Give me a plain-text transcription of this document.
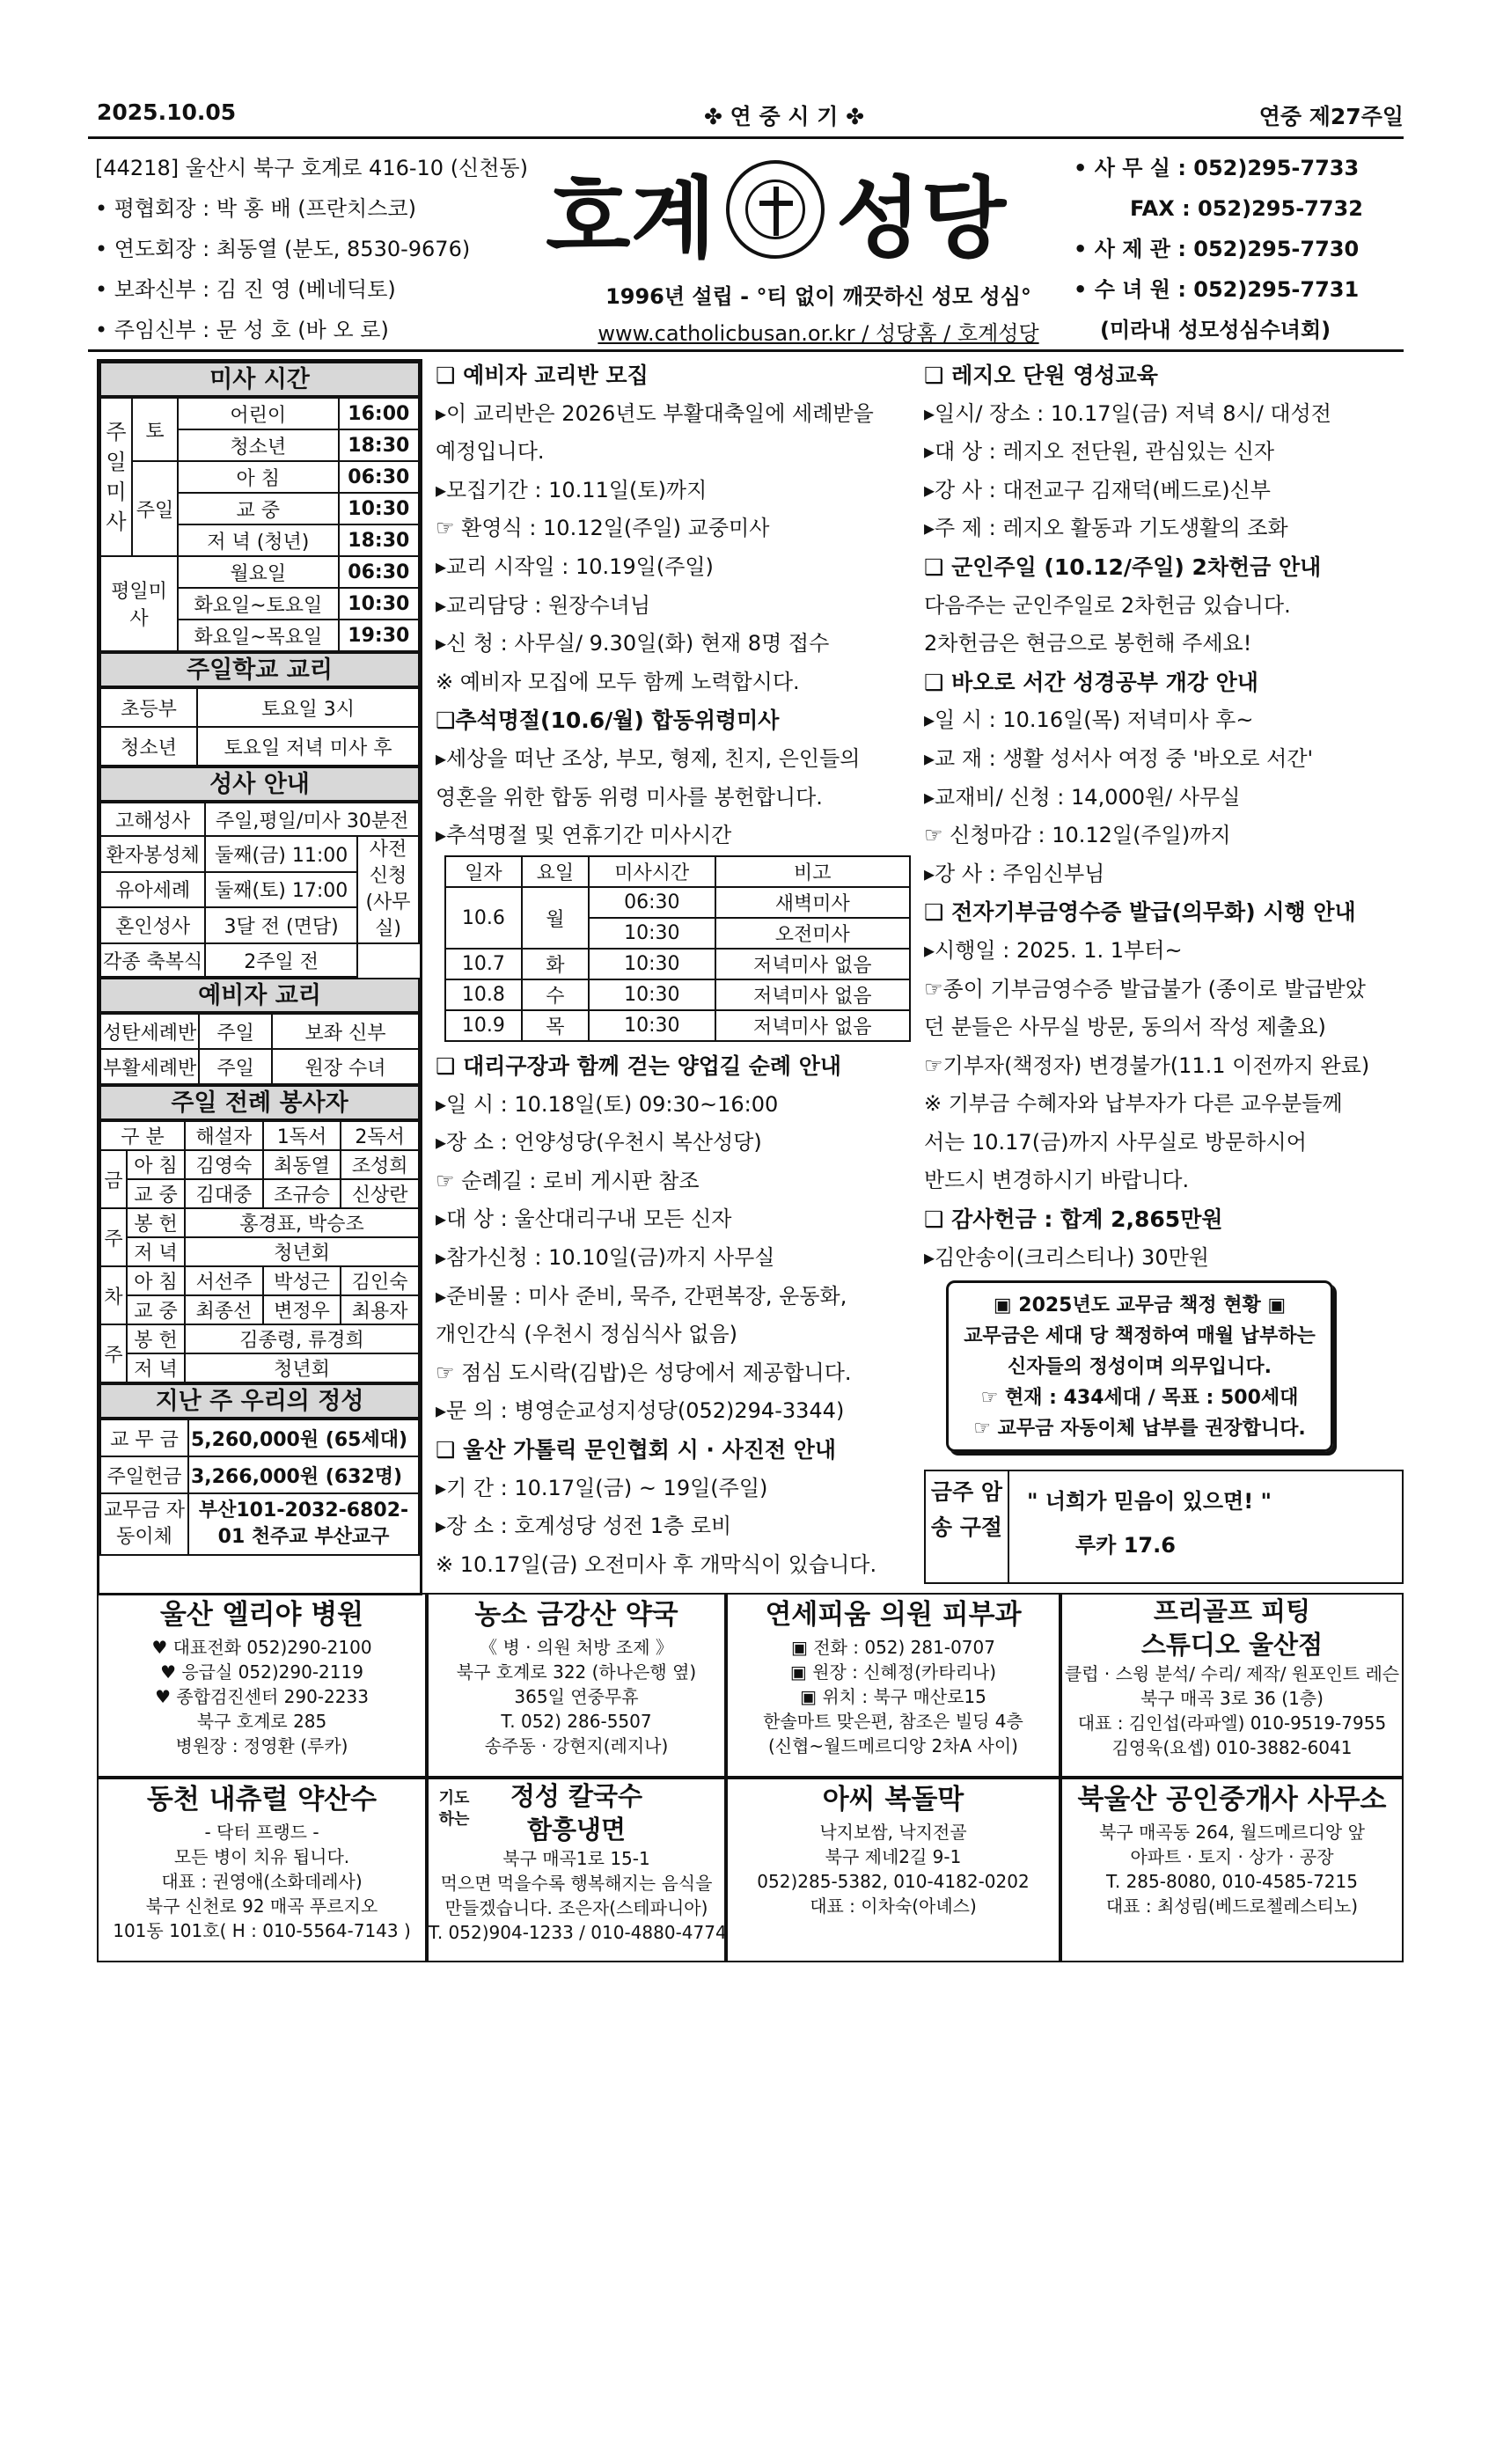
2025.10.05	✤ 연 중 시 기 ✤	연중 제27주일
[44218] 울산시 북구 호계로 416-10 (신천동)
• 평협회장 : 박 홍 배 (프란치스코)
• 연도회장 : 최동열 (분도, 8530-9676)
• 보좌신부 : 김 진 영 (베네딕토)
• 주임신부 : 문 성 호 (바 오 로)
호계 성당
1996년 설립 - °티 없이 깨끗하신 성모 성심°
www.catholicbusan.or.kr / 성당홈 / 호계성당
• 사 무 실 : 052)295-7733
FAX : 052)295-7732
• 사 제 관 : 052)295-7730
• 수 녀 원 : 052)295-7731
(미라내 성모성심수녀회)
미사 시간
주일미사	토	어린이	16:00
		청소년	18:30
	주일	아 침	06:30
		교 중	10:30
		저 녁 (청년)	18:30
평일미사		월요일	06:30
		화요일~토요일	10:30
		화요일~목요일	19:30
주일학교 교리
초등부	토요일 3시
청소년	토요일 저녁 미사 후
성사 안내
고해성사	주일,평일/미사 30분전	
환자봉성체	둘째(금) 11:00	사전 신청 (사무실)
유아세례	둘째(토) 17:00	
혼인성사	3달 전 (면담)	
각종 축복식	2주일 전	
예비자 교리
성탄세례반	주일	보좌 신부
부활세례반	주일	원장 수녀
주일 전례 봉사자
구 분		해설자	1독서	2독서
금	아 침	김영숙	최동열	조성희
	교 중	김대중	조규승	신상란
주	봉 헌	홍경표, 박승조		
	저 녁	청년회		
차	아 침	서선주	박성근	김인숙
	교 중	최종선	변정우	최용자
주	봉 헌	김종령, 류경희		
	저 녁	청년회		
지난 주 우리의 정성
교 무 금	5,260,000원 (65세대)
주일헌금	3,266,000원 (632명)
교무금 자동이체	부산101-2032-6802-01 천주교 부산교구
❑ 예비자 교리반 모집
▸이 교리반은 2026년도 부활대축일에 세례받을
예정입니다.
▸모집기간 : 10.11일(토)까지
☞ 환영식 : 10.12일(주일) 교중미사
▸교리 시작일 : 10.19일(주일)
▸교리담당 : 원장수녀님
▸신 청 : 사무실/ 9.30일(화) 현재 8명 접수
※ 예비자 모집에 모두 함께 노력합시다.
❑추석명절(10.6/월) 합동위령미사
▸세상을 떠난 조상, 부모, 형제, 친지, 은인들의
영혼을 위한 합동 위령 미사를 봉헌합니다.
▸추석명절 및 연휴기간 미사시간
일자	요일	미사시간	비고
10.6	월	06:30	새벽미사
		10:30	오전미사
10.7	화	10:30	저녁미사 없음
10.8	수	10:30	저녁미사 없음
10.9	목	10:30	저녁미사 없음
❑ 대리구장과 함께 걷는 양업길 순례 안내
▸일 시 : 10.18일(토) 09:30~16:00
▸장 소 : 언양성당(우천시 복산성당)
☞ 순례길 : 로비 게시판 참조
▸대 상 : 울산대리구내 모든 신자
▸참가신청 : 10.10일(금)까지 사무실
▸준비물 : 미사 준비, 묵주, 간편복장, 운동화,
개인간식 (우천시 정심식사 없음)
☞ 점심 도시락(김밥)은 성당에서 제공합니다.
▸문 의 : 병영순교성지성당(052)294-3344)
❑ 울산 가톨릭 문인협회 시 · 사진전 안내
▸기 간 : 10.17일(금) ~ 19일(주일)
▸장 소 : 호계성당 성전 1층 로비
※ 10.17일(금) 오전미사 후 개막식이 있습니다.
❑ 레지오 단원 영성교육
▸일시/ 장소 : 10.17일(금) 저녁 8시/ 대성전
▸대 상 : 레지오 전단원, 관심있는 신자
▸강 사 : 대전교구 김재덕(베드로)신부
▸주 제 : 레지오 활동과 기도생활의 조화
❑ 군인주일 (10.12/주일) 2차헌금 안내
다음주는 군인주일로 2차헌금 있습니다.
2차헌금은 현금으로 봉헌해 주세요!
❑ 바오로 서간 성경공부 개강 안내
▸일 시 : 10.16일(목) 저녁미사 후~
▸교 재 : 생활 성서사 여정 중 '바오로 서간'
▸교재비/ 신청 : 14,000원/ 사무실
☞ 신청마감 : 10.12일(주일)까지
▸강 사 : 주임신부님
❑ 전자기부금영수증 발급(의무화) 시행 안내
▸시행일 : 2025. 1. 1부터~
☞종이 기부금영수증 발급불가 (종이로 발급받았
던 분들은 사무실 방문, 동의서 작성 제출요)
☞기부자(책정자) 변경불가(11.1 이전까지 완료)
※ 기부금 수혜자와 납부자가 다른 교우분들께
서는 10.17(금)까지 사무실로 방문하시어
반드시 변경하시기 바랍니다.
❑ 감사헌금 : 합계 2,865만원
▸김안송이(크리스티나) 30만원
▣ 2025년도 교무금 책정 현황 ▣
교무금은 세대 당 책정하여 매월 납부하는
신자들의 정성이며 의무입니다.
☞ 현재 : 434세대 / 목표 : 500세대
☞ 교무금 자동이체 납부를 권장합니다.
금주 암송 구절
" 너희가 믿음이 있으면! "
루카 17.6
울산 엘리야 병원
♥ 대표전화 052)290-2100
♥ 응급실 052)290-2119
♥ 종합검진센터 290-2233
북구 호계로 285
병원장 : 정영환 (루카)
농소 금강산 약국
《 병 · 의원 처방 조제 》
북구 호계로 322 (하나은행 옆)
365일 연중무휴
T. 052) 286-5507
송주동 · 강현지(레지나)
연세피움 의원 피부과
▣ 전화 : 052) 281-0707
▣ 원장 : 신혜정(카타리나)
▣ 위치 : 북구 매산로15
한솔마트 맞은편, 참조은 빌딩 4층
(신협~월드메르디앙 2차A 사이)
프리골프 피팅
스튜디오 울산점
클럽 · 스윙 분석/ 수리/ 제작/ 원포인트 레슨
북구 매곡 3로 36 (1층)
대표 : 김인섭(라파엘) 010-9519-7955
김영욱(요셉) 010-3882-6041
동천 내츄럴 약산수
- 닥터 프랭드 -
모든 병이 치유 됩니다.
대표 : 권영애(소화데레사)
북구 신천로 92 매곡 푸르지오
101동 101호( H : 010-5564-7143 )
기도하는
정성 칼국수
함흥냉면
북구 매곡1로 15-1
먹으면 먹을수록 행복해지는 음식을
만들겠습니다. 조은자(스테파니아)
T. 052)904-1233 / 010-4880-4774
아씨 복돌막
낙지보쌈, 낙지전골
북구 제네2길 9-1
052)285-5382, 010-4182-0202
대표 : 이차숙(아녜스)
북울산 공인중개사 사무소
북구 매곡동 264, 월드메르디앙 앞
아파트 · 토지 · 상가 · 공장
T. 285-8080, 010-4585-7215
대표 : 최성림(베드로첼레스티노)
